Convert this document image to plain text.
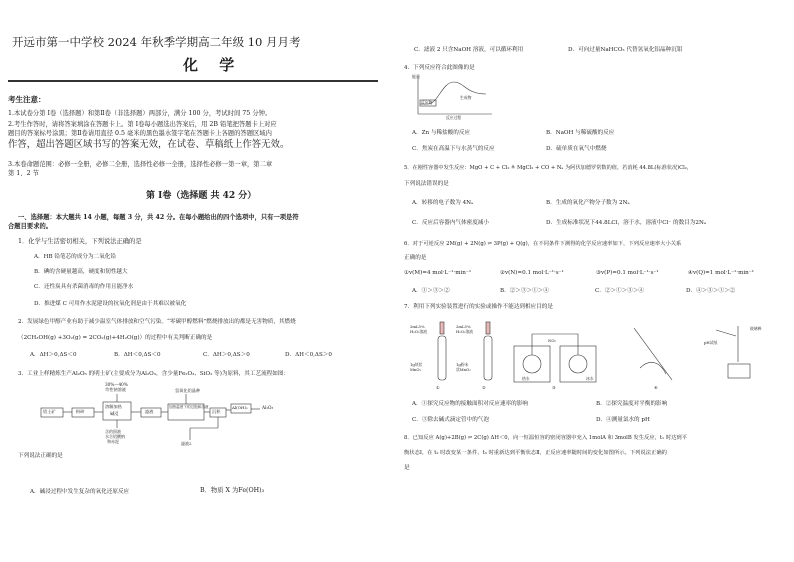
开远市第一中学校 2024 年秋季学期高二年级 10 月月考
化 学
考生注意：
1.本试卷分第 Ⅰ卷（选择题）和第Ⅱ卷（非选择题）两部分，满分 100 分，考试时间 75 分钟。
2.考生作答时，请将答案填涂在答题卡上。第 Ⅰ卷每小题选出答案后，用 2B 铅笔把答题卡上对应
题目的答案标号涂黑；第Ⅱ卷请用直径 0.5 毫米的黑色墨水签字笔在答题卡上各题的答题区域内
作答，超出答题区域书写的答案无效，在试卷、草稿纸上作答无效。
3.本卷命题范围：必修一全册，必修二全册，选择性必修一全册，选择性必修一第一章，第二章
第 1、2 节
第 Ⅰ卷（选择题 共 42 分）
一、选择题：本大题共 14 小题，每题 3 分，共 42 分。在每小题给出的四个选项中，只有一项是符
合题目要求的。
1．化学与生活密切相关，下列说法正确的是
A．HB 铅笔芯的成分为二氧化铅
B．碘的含硬量越高，硬度和韧性越大
C．还性炭具有杀菌消毒的作用且能净水
D．推进煤 C 可用作水泥建设的抗氧化剂是由于其难以被氧化
2．发展绿色甲醇产业有助于减少温室气体排放和空气污染。“零碳甲醇燃料”燃烧排放出的都是无害物质，其燃烧
（2CH₃OH(g) +3O₂(g) = 2CO₂(g)+4H₂O(g)）的过程中有关判断正确的是
A．ΔH＞0,ΔS＜0	B．ΔH＜0,ΔS＜0	C．ΔH＞0,ΔS＞0	D．ΔH＜0,ΔS＞0
3．工业上样精炼生产Al₂O₃ 的明土矿(主要成分为Al₂O₃，含少量Fe₂O₃、SiO₂ 等)为原料，其工艺流程如图：
30%～40%
苛性钠溶液	氢氧化铝晶种
铝土矿	粉碎
溶解加热
碱浸	滤液
加热温度下的过饱和溶液
沉积
Al(OH)₃	Al₂O₃
含的固液
水合铝酸钠
和赤泥	滤液2
下列说法正确的是
A．碱浸过程中发生复杂的氧化还原反应	B．物质 X 为Fe(OH)₃
C．滤液 2 只含NaOH 溶液，可以循环利用	D．可向过量NaHCO₃ 代替氢氧化铝晶种沉钼
4．下列反应符合此图像的是
能量
反应物
生成物
反应过程
A．Zn 与稀盐酸的反应	B．NaOH 与稀硫酸的反应
C．焦炭在高温下与水蒸气的反应	D．硫单质在氧气中燃烧
5．在刚性容器中发生反应：MgO + C + Cl₂ ≜ MgCl₂ + CO + Nₐ 为阿伏加德罗常数的值，若消耗 44.8L(标准状况)Cl₂，
下列说法错误的是
A．转移的电子数为 4Nₐ	B．生成的氧化产物分子数为 2Nₐ
C．反应后容器内气体密度减小	D．生成标准状况下44.8LCl，溶于水，溶液中Cl⁻ 的数目为2Nₐ
6．对于可逆反应 2M(g) + 2N(g) ⇌ 3P(g) + Q(g)，在不同条件下测得的化学反应速率如下，下列反应速率大小关系
正确的是
①v(M)=4 mol·L⁻¹·min⁻¹	②v(N)=0.1 mol·L⁻¹·s⁻¹	③v(P)=0.1 mol·L⁻¹·s⁻¹	④v(Q)=1 mol·L⁻¹·min⁻¹
A．①＞③＞②	B．②＞③＞①＞④	C．②＞①＞③＞④	D．④＞③＞①＞②
7．利用下列实验装置进行的实验或操作不能达到相应目的是
2mL5%
H₂O₂溶液
1g块状
MnO₂
2mL5%
H₂O₂溶液
1g粉末
状MnO₂
NO₂
热水	冰水
玻璃棒
pH试纸
①	②	③	④
A．①探究反应物的接触面积对反应速率的影响	B．②探究温度对平衡的影响
C．③除去碱式滴定管中的气泡	D．④测量氯水的 pH
8．已知反应 A(g)+2B(g) ⇌ 2C(g) ΔH＜0，向一恒温恒容的密闭容器中充入 1molA 和 3molB 发生反应，t₁ 时达到平
衡状态Ⅰ，在 t₂ 时改变某一条件，t₃ 时重新达到平衡状态Ⅱ，正反应速率随时间的变化如图所示。下列说法正确的
是
